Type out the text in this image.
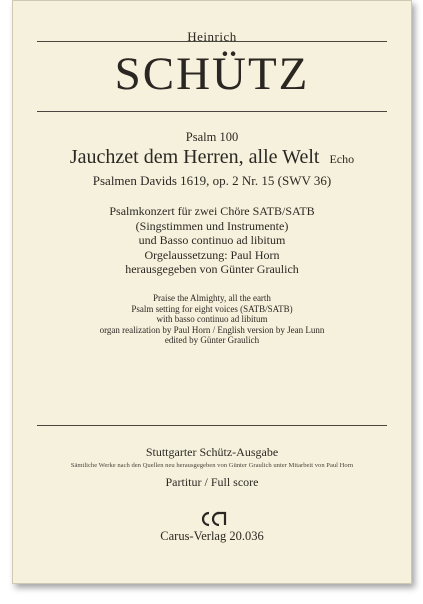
Heinrich
SCHÜTZ
Psalm 100
Jauchzet dem Herren, alle Welt Echo
Psalmen Davids 1619, op. 2 Nr. 15 (SWV 36)
Psalmkonzert für zwei Chöre SATB/SATB
(Singstimmen und Instrumente)
und Basso continuo ad libitum
Orgelaussetzung: Paul Horn
herausgegeben von Günter Graulich
Praise the Almighty, all the earth
Psalm setting for eight voices (SATB/SATB)
with basso continuo ad libitum
organ realization by Paul Horn / English version by Jean Lunn
edited by Günter Graulich
Stuttgarter Schütz-Ausgabe
Sämtliche Werke nach den Quellen neu herausgegeben von Günter Graulich unter Mitarbeit von Paul Horn
Partitur / Full score
Carus-Verlag 20.036
